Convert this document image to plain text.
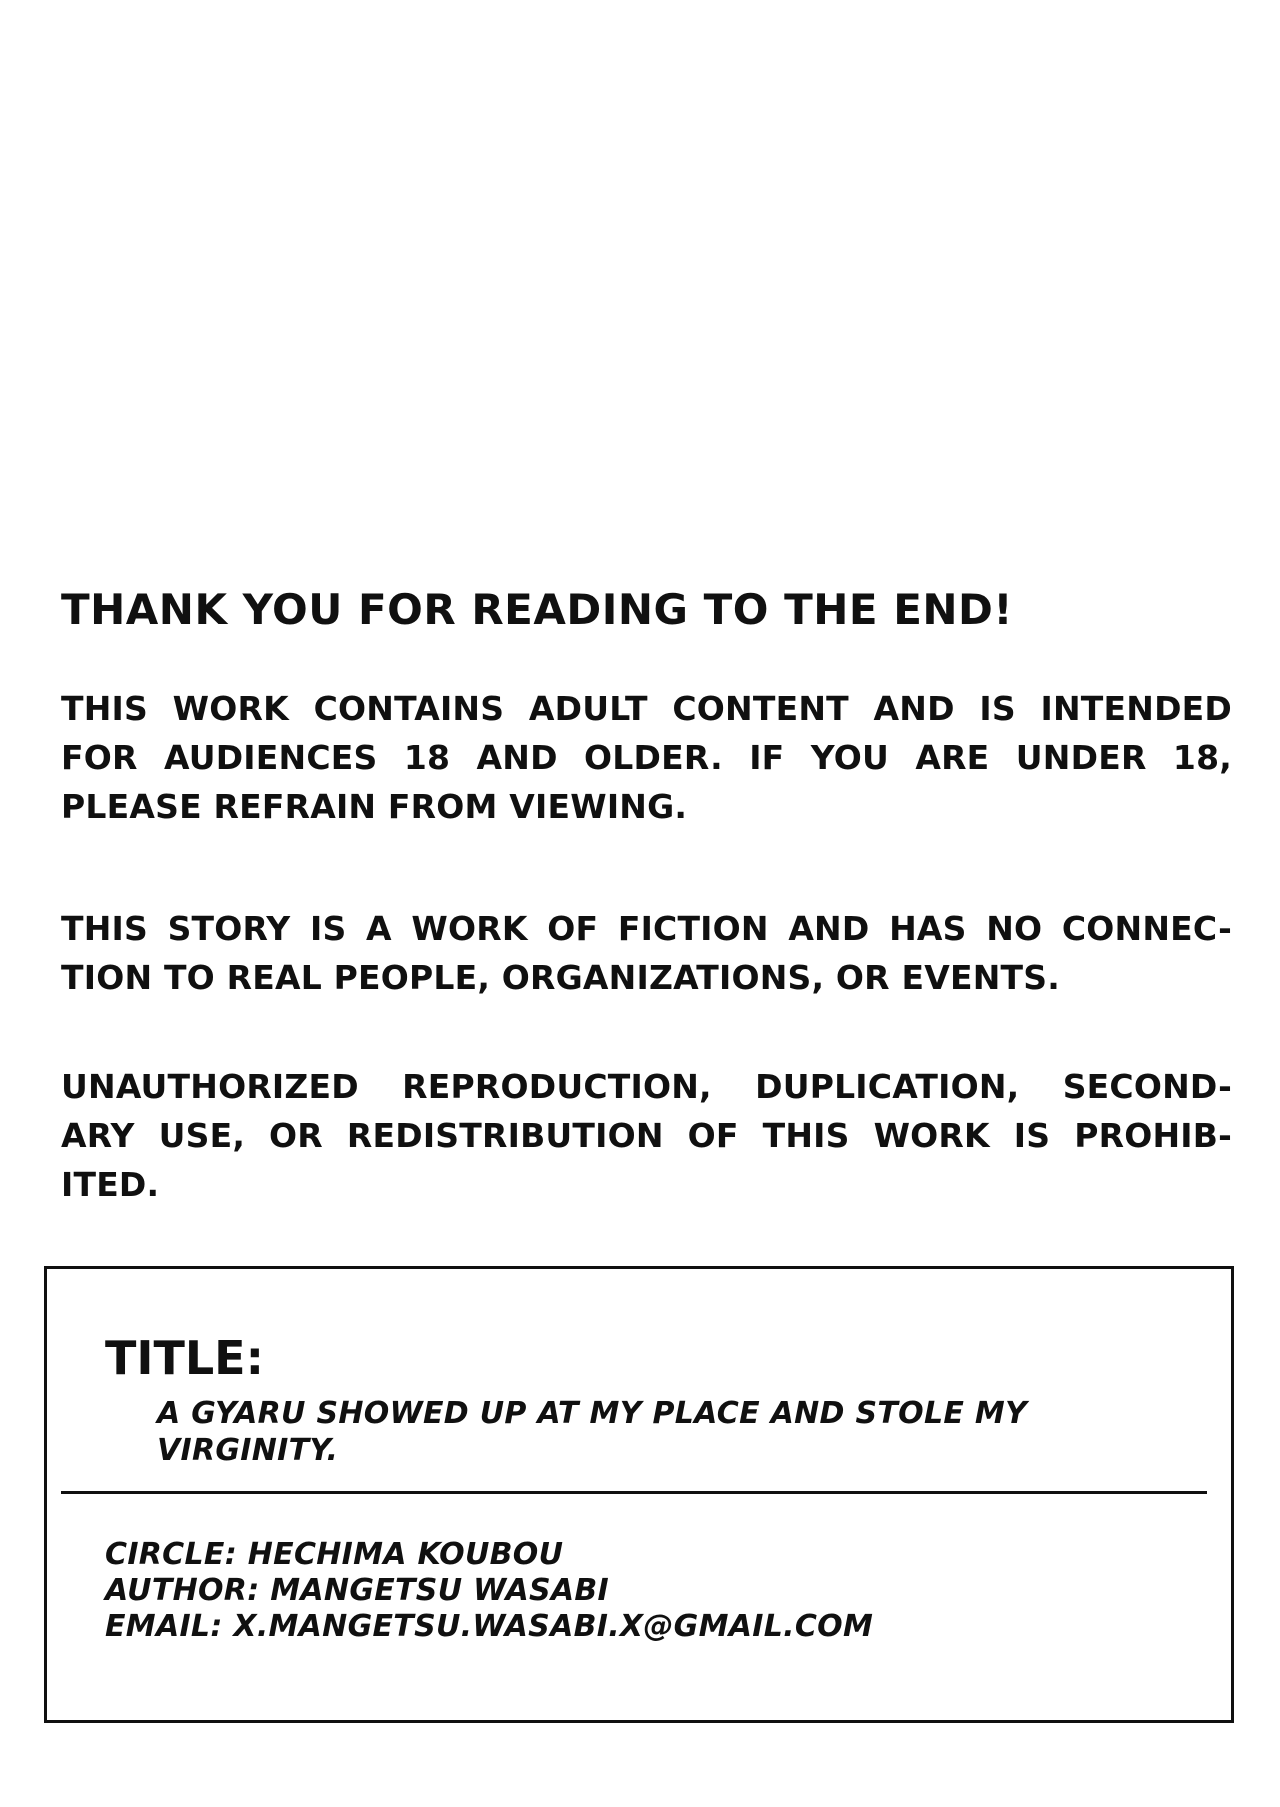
THANK YOU FOR READING TO THE END!
THIS WORK CONTAINS ADULT CONTENT AND IS INTENDED
FOR AUDIENCES 18 AND OLDER. IF YOU ARE UNDER 18,
PLEASE REFRAIN FROM VIEWING.
THIS STORY IS A WORK OF FICTION AND HAS NO CONNEC-
TION TO REAL PEOPLE, ORGANIZATIONS, OR EVENTS.
UNAUTHORIZED REPRODUCTION, DUPLICATION, SECOND-
ARY USE, OR REDISTRIBUTION OF THIS WORK IS PROHIB-
ITED.
TITLE:
A GYARU SHOWED UP AT MY PLACE AND STOLE MY
VIRGINITY.
CIRCLE: HECHIMA KOUBOU
AUTHOR: MANGETSU WASABI
EMAIL: X.MANGETSU.WASABI.X@GMAIL.COM
